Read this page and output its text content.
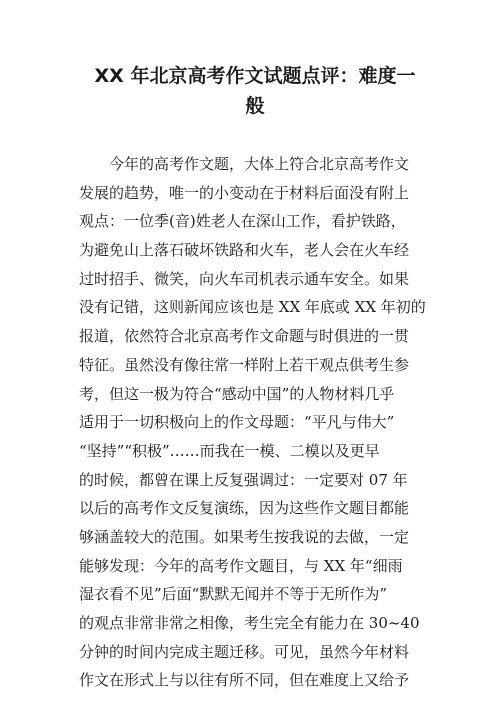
XX 年北京高考作文试题点评：难度一
般
今年的高考作文题，大体上符合北京高考作文
发展的趋势，唯一的小变动在于材料后面没有附上
观点：一位季(音)姓老人在深山工作，看护铁路，
为避免山上落石破坏铁路和火车，老人会在火车经
过时招手、微笑，向火车司机表示通车安全。如果
没有记错，这则新闻应该也是 XX 年底或 XX 年初的
报道，依然符合北京高考作文命题与时俱进的一贯
特征。虽然没有像往常一样附上若干观点供考生参
考，但这一极为符合“感动中国”的人物材料几乎
适用于一切积极向上的作文母题：“平凡与伟大”
“坚持”“积极”……而我在一模、二模以及更早
的时候，都曾在课上反复强调过：一定要对 07 年
以后的高考作文反复演练，因为这些作文题目都能
够涵盖较大的范围。如果考生按我说的去做，一定
能够发现：今年的高考作文题目，与 XX 年“细雨
湿衣看不见”后面“默默无闻并不等于无所作为”
的观点非常非常之相像，考生完全有能力在 30~40
分钟的时间内完成主题迁移。可见，虽然今年材料
作文在形式上与以往有所不同，但在难度上又给予
